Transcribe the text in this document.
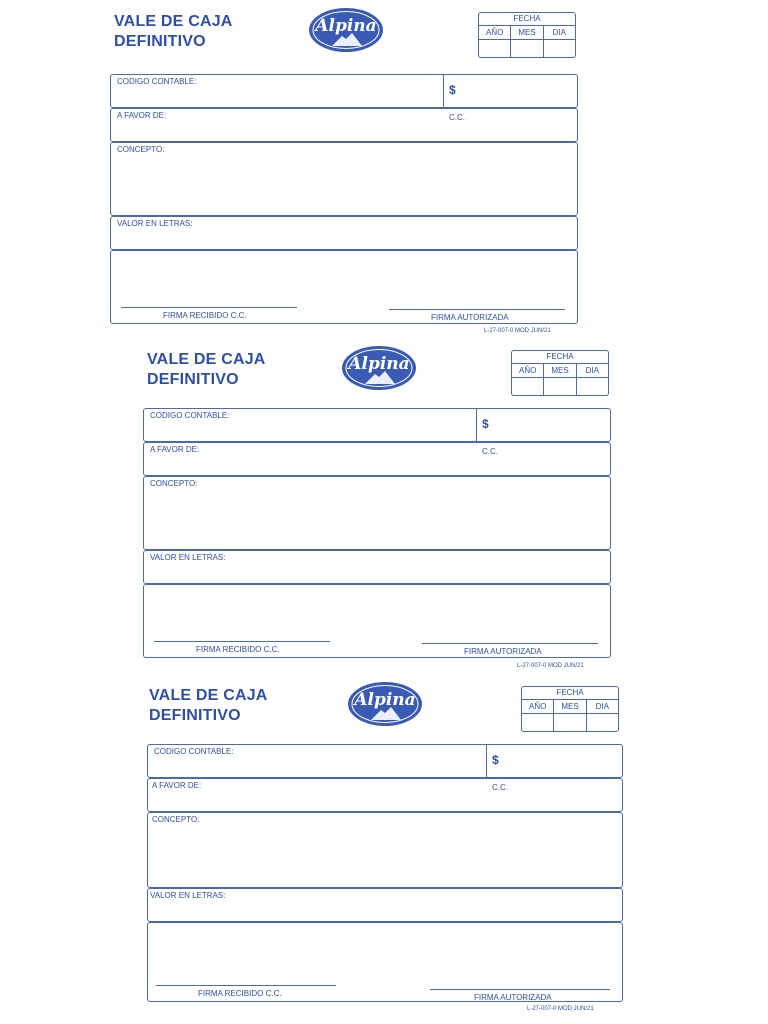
VALE DE CAJA
DEFINITIVO
Alpina	FECHA
AÑO	MES	DIA
CODIGO CONTABLE:
$
A FAVOR DE:	C.C.
CONCEPTO:
VALOR EN LETRAS:
FIRMA RECIBIDO C.C.	FIRMA AUTORIZADA
L-27-007-0 MOD JUN/21
VALE DE CAJA
DEFINITIVO
Alpina	FECHA
AÑO	MES	DIA
CODIGO CONTABLE:
$
A FAVOR DE:	C.C.
CONCEPTO:
VALOR EN LETRAS:
FIRMA RECIBIDO C.C.	FIRMA AUTORIZADA
L-27-007-0 MOD JUN/21
VALE DE CAJA
DEFINITIVO
Alpina	FECHA
AÑO	MES	DIA
CODIGO CONTABLE:
$
A FAVOR DE:	C.C.
CONCEPTO:
VALOR EN LETRAS:
FIRMA RECIBIDO C.C.	FIRMA AUTORIZADA
L-27-007-0 MOD JUN/21
